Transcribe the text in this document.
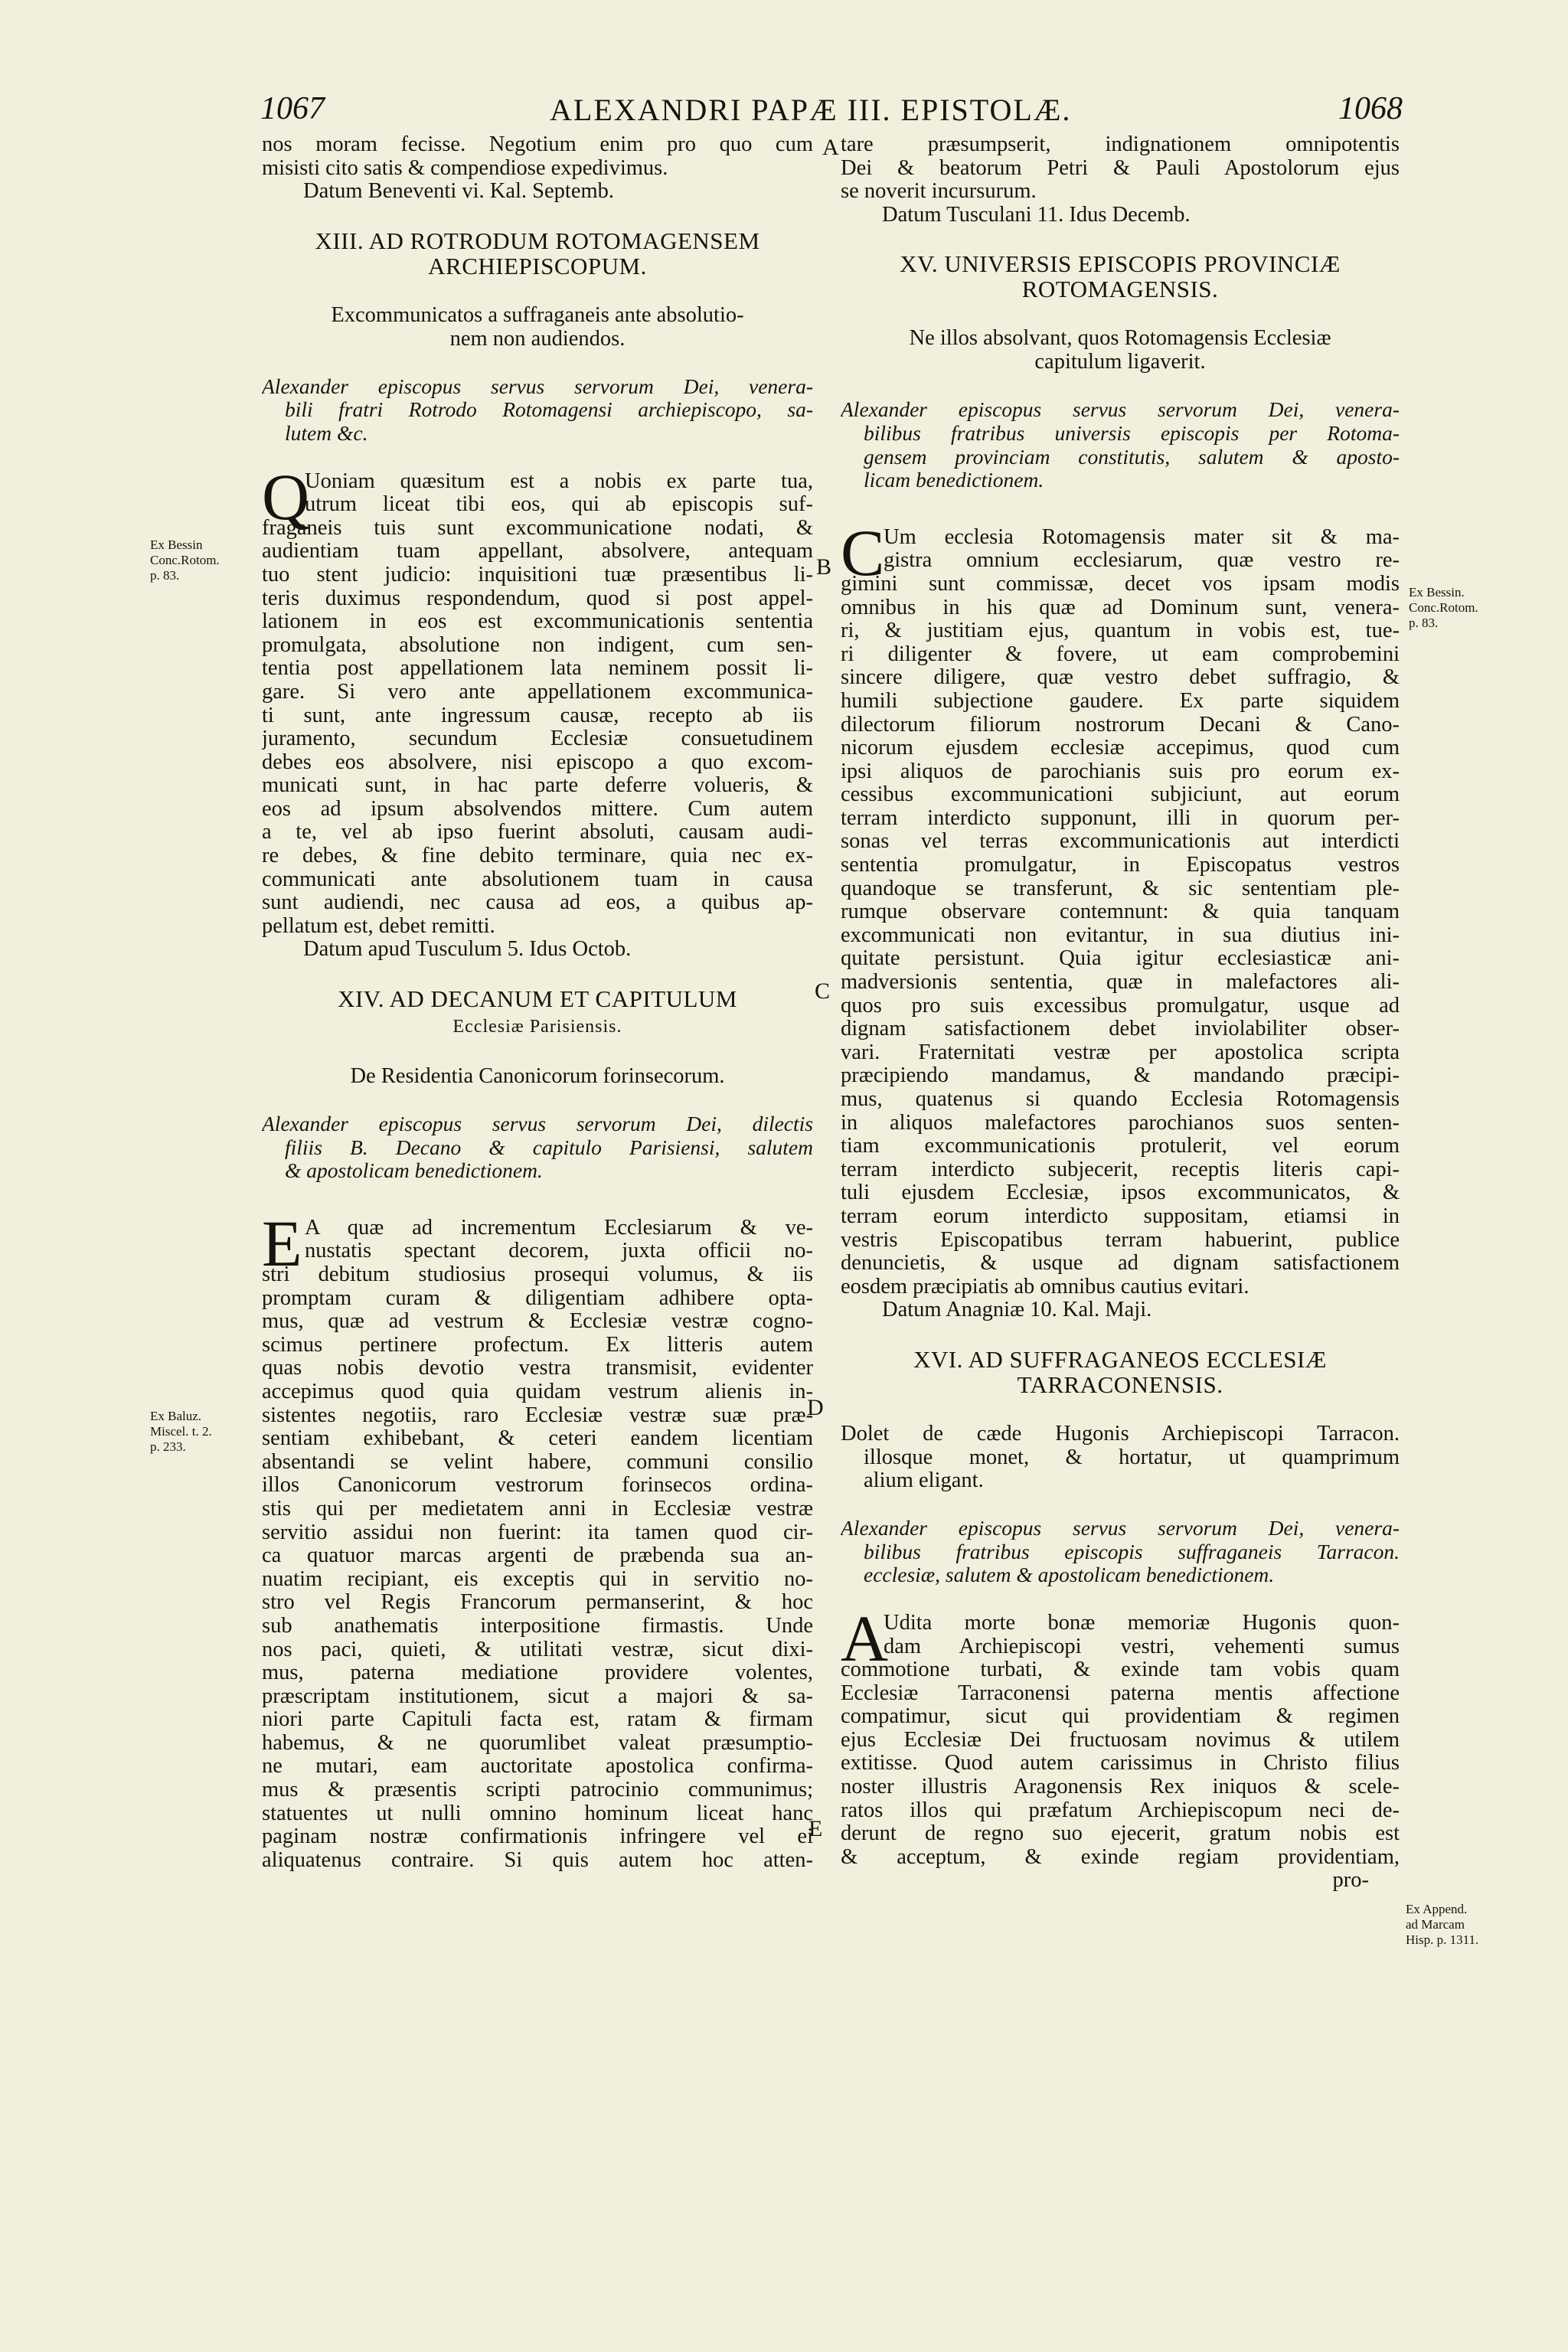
1067	ALEXANDRI PAPÆ III. EPISTOLÆ.	1068
A
B
C
D
E
Ex Bessin
Conc.Rotom.
p. 83.
Ex Baluz.
Miscel. t. 2.
p. 233.
Ex Bessin.
Conc.Rotom.
p. 83.
Ex Append.
ad Marcam
Hisp. p. 1311.
nos moram fecisse. Negotium enim pro quo cum
misisti cito satis & compendiose expedivimus.
Datum Beneventi vi. Kal. Septemb.
XIII. AD ROTRODUM ROTOMAGENSEM
ARCHIEPISCOPUM.
Excommunicatos a suffraganeis ante absolutio-
nem non audiendos.
Alexander episcopus servus servorum Dei, venera-
bili fratri Rotrodo Rotomagensi archiepiscopo, sa-
lutem &c.
Q
Uoniam quæsitum est a nobis ex parte tua,
utrum liceat tibi eos, qui ab episcopis suf-
fraganeis tuis sunt excommunicatione nodati, &
audientiam tuam appellant, absolvere, antequam
tuo stent judicio: inquisitioni tuæ præsentibus li-
teris duximus respondendum, quod si post appel-
lationem in eos est excommunicationis sententia
promulgata, absolutione non indigent, cum sen-
tentia post appellationem lata neminem possit li-
gare. Si vero ante appellationem excommunica-
ti sunt, ante ingressum causæ, recepto ab iis
juramento, secundum Ecclesiæ consuetudinem
debes eos absolvere, nisi episcopo a quo excom-
municati sunt, in hac parte deferre volueris, &
eos ad ipsum absolvendos mittere. Cum autem
a te, vel ab ipso fuerint absoluti, causam audi-
re debes, & fine debito terminare, quia nec ex-
communicati ante absolutionem tuam in causa
sunt audiendi, nec causa ad eos, a quibus ap-
pellatum est, debet remitti.
Datum apud Tusculum 5. Idus Octob.
XIV. AD DECANUM ET CAPITULUM
Ecclesiæ Parisiensis.
De Residentia Canonicorum forinsecorum.
Alexander episcopus servus servorum Dei, dilectis
filiis B. Decano & capitulo Parisiensi, salutem
& apostolicam benedictionem.
E A quæ ad incrementum Ecclesiarum & ve-
nustatis spectant decorem, juxta officii no-
stri debitum studiosius prosequi volumus, & iis
promptam curam & diligentiam adhibere opta-
mus, quæ ad vestrum & Ecclesiæ vestræ cogno-
scimus pertinere profectum. Ex litteris autem
quas nobis devotio vestra transmisit, evidenter
accepimus quod quia quidam vestrum alienis in-
sistentes negotiis, raro Ecclesiæ vestræ suæ præ-
sentiam exhibebant, & ceteri eandem licentiam
absentandi se velint habere, communi consilio
illos Canonicorum vestrorum forinsecos ordina-
stis qui per medietatem anni in Ecclesiæ vestræ
servitio assidui non fuerint: ita tamen quod cir-
ca quatuor marcas argenti de præbenda sua an-
nuatim recipiant, eis exceptis qui in servitio no-
stro vel Regis Francorum permanserint, & hoc
sub anathematis interpositione firmastis. Unde
nos paci, quieti, & utilitati vestræ, sicut dixi-
mus, paterna mediatione providere volentes,
præscriptam institutionem, sicut a majori & sa-
niori parte Capituli facta est, ratam & firmam
habemus, & ne quorumlibet valeat præsumptio-
ne mutari, eam auctoritate apostolica confirma-
mus & præsentis scripti patrocinio communimus;
statuentes ut nulli omnino hominum liceat hanc
paginam nostræ confirmationis infringere vel ei
aliquatenus contraire. Si quis autem hoc atten-
tare præsumpserit, indignationem omnipotentis
Dei & beatorum Petri & Pauli Apostolorum ejus
se noverit incursurum.
Datum Tusculani 11. Idus Decemb.
XV. UNIVERSIS EPISCOPIS PROVINCIÆ
ROTOMAGENSIS.
Ne illos absolvant, quos Rotomagensis Ecclesiæ
capitulum ligaverit.
Alexander episcopus servus servorum Dei, venera-
bilibus fratribus universis episcopis per Rotoma-
gensem provinciam constitutis, salutem & aposto-
licam benedictionem.
C
Um ecclesia Rotomagensis mater sit & ma-
gistra omnium ecclesiarum, quæ vestro re-
gimini sunt commissæ, decet vos ipsam modis
omnibus in his quæ ad Dominum sunt, venera-
ri, & justitiam ejus, quantum in vobis est, tue-
ri diligenter & fovere, ut eam comprobemini
sincere diligere, quæ vestro debet suffragio, &
humili subjectione gaudere. Ex parte siquidem
dilectorum filiorum nostrorum Decani & Cano-
nicorum ejusdem ecclesiæ accepimus, quod cum
ipsi aliquos de parochianis suis pro eorum ex-
cessibus excommunicationi subjiciunt, aut eorum
terram interdicto supponunt, illi in quorum per-
sonas vel terras excommunicationis aut interdicti
sententia promulgatur, in Episcopatus vestros
quandoque se transferunt, & sic sententiam ple-
rumque observare contemnunt: & quia tanquam
excommunicati non evitantur, in sua diutius ini-
quitate persistunt. Quia igitur ecclesiasticæ ani-
madversionis sententia, quæ in malefactores ali-
quos pro suis excessibus promulgatur, usque ad
dignam satisfactionem debet inviolabiliter obser-
vari. Fraternitati vestræ per apostolica scripta
præcipiendo mandamus, & mandando præcipi-
mus, quatenus si quando Ecclesia Rotomagensis
in aliquos malefactores parochianos suos senten-
tiam excommunicationis protulerit, vel eorum
terram interdicto subjecerit, receptis literis capi-
tuli ejusdem Ecclesiæ, ipsos excommunicatos, &
terram eorum interdicto suppositam, etiamsi in
vestris Episcopatibus terram habuerint, publice
denuncietis, & usque ad dignam satisfactionem
eosdem præcipiatis ab omnibus cautius evitari.
Datum Anagniæ 10. Kal. Maji.
XVI. AD SUFFRAGANEOS ECCLESIÆ
TARRACONENSIS.
Dolet de cæde Hugonis Archiepiscopi Tarracon.
illosque monet, & hortatur, ut quamprimum
alium eligant.
Alexander episcopus servus servorum Dei, venera-
bilibus fratribus episcopis suffraganeis Tarracon.
ecclesiæ, salutem & apostolicam benedictionem.
A
Udita morte bonæ memoriæ Hugonis quon-
dam Archiepiscopi vestri, vehementi sumus
commotione turbati, & exinde tam vobis quam
Ecclesiæ Tarraconensi paterna mentis affectione
compatimur, sicut qui providentiam & regimen
ejus Ecclesiæ Dei fructuosam novimus & utilem
extitisse. Quod autem carissimus in Christo filius
noster illustris Aragonensis Rex iniquos & scele-
ratos illos qui præfatum Archiepiscopum neci de-
derunt de regno suo ejecerit, gratum nobis est
& acceptum, & exinde regiam providentiam,
pro-
